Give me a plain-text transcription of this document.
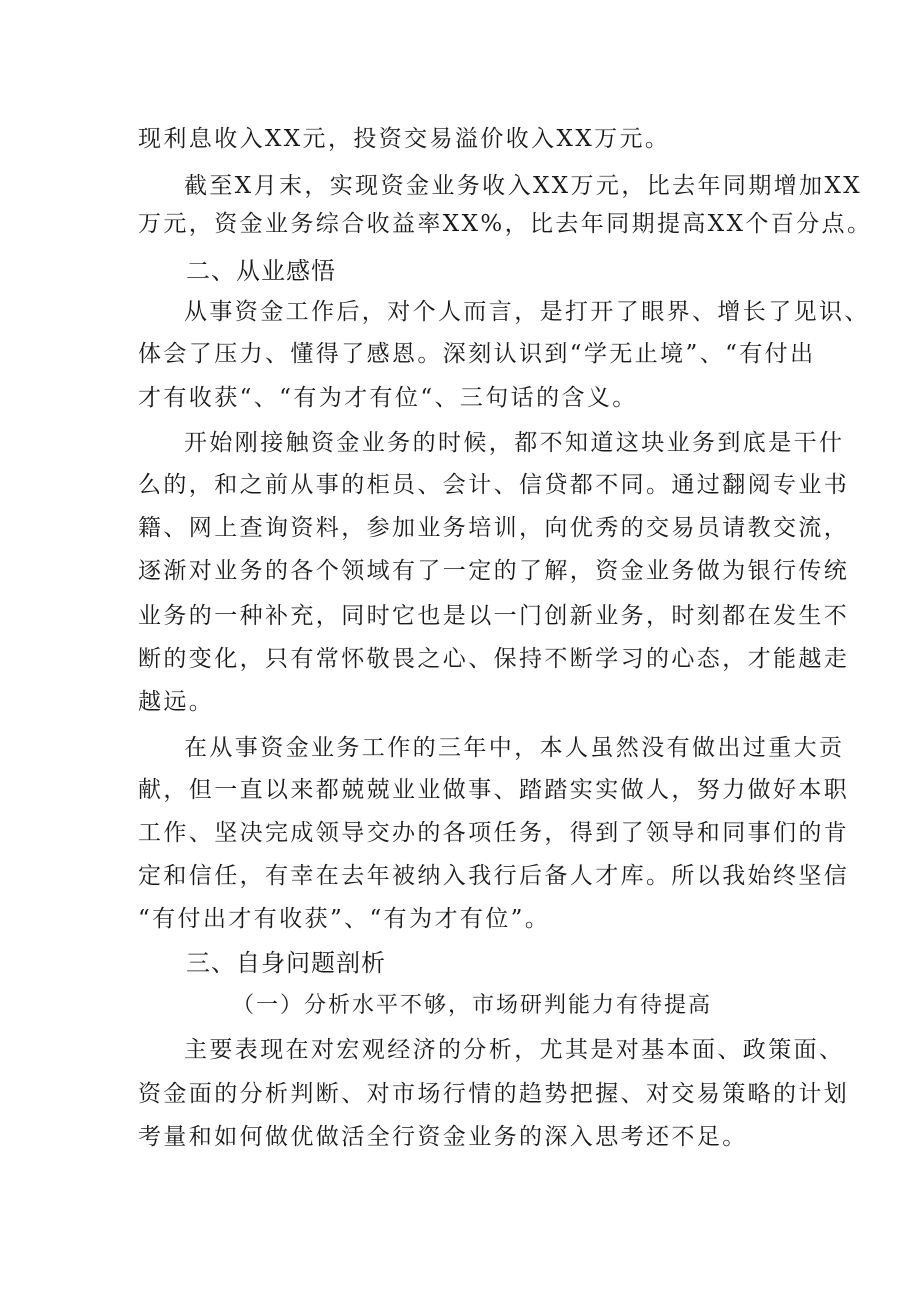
现利息收入XX元，投资交易溢价收入XX万元。
截至X月末，实现资金业务收入XX万元，比去年同期增加XX
万元，资金业务综合收益率XX%，比去年同期提高XX个百分点。
二、从业感悟
从事资金工作后，对个人而言，是打开了眼界、增长了见识、
体会了压力、懂得了感恩。深刻认识到“学无止境”、“有付出
才有收获“、“有为才有位“、三句话的含义。
开始刚接触资金业务的时候，都不知道这块业务到底是干什
么的，和之前从事的柜员、会计、信贷都不同。通过翻阅专业书
籍、网上查询资料，参加业务培训，向优秀的交易员请教交流，
逐渐对业务的各个领域有了一定的了解，资金业务做为银行传统
业务的一种补充，同时它也是以一门创新业务，时刻都在发生不
断的变化，只有常怀敬畏之心、保持不断学习的心态，才能越走
越远。
在从事资金业务工作的三年中，本人虽然没有做出过重大贡
献，但一直以来都兢兢业业做事、踏踏实实做人，努力做好本职
工作、坚决完成领导交办的各项任务，得到了领导和同事们的肯
定和信任，有幸在去年被纳入我行后备人才库。所以我始终坚信
“有付出才有收获”、“有为才有位”。
三、自身问题剖析
（一）分析水平不够，市场研判能力有待提高
主要表现在对宏观经济的分析，尤其是对基本面、政策面、
资金面的分析判断、对市场行情的趋势把握、对交易策略的计划
考量和如何做优做活全行资金业务的深入思考还不足。
